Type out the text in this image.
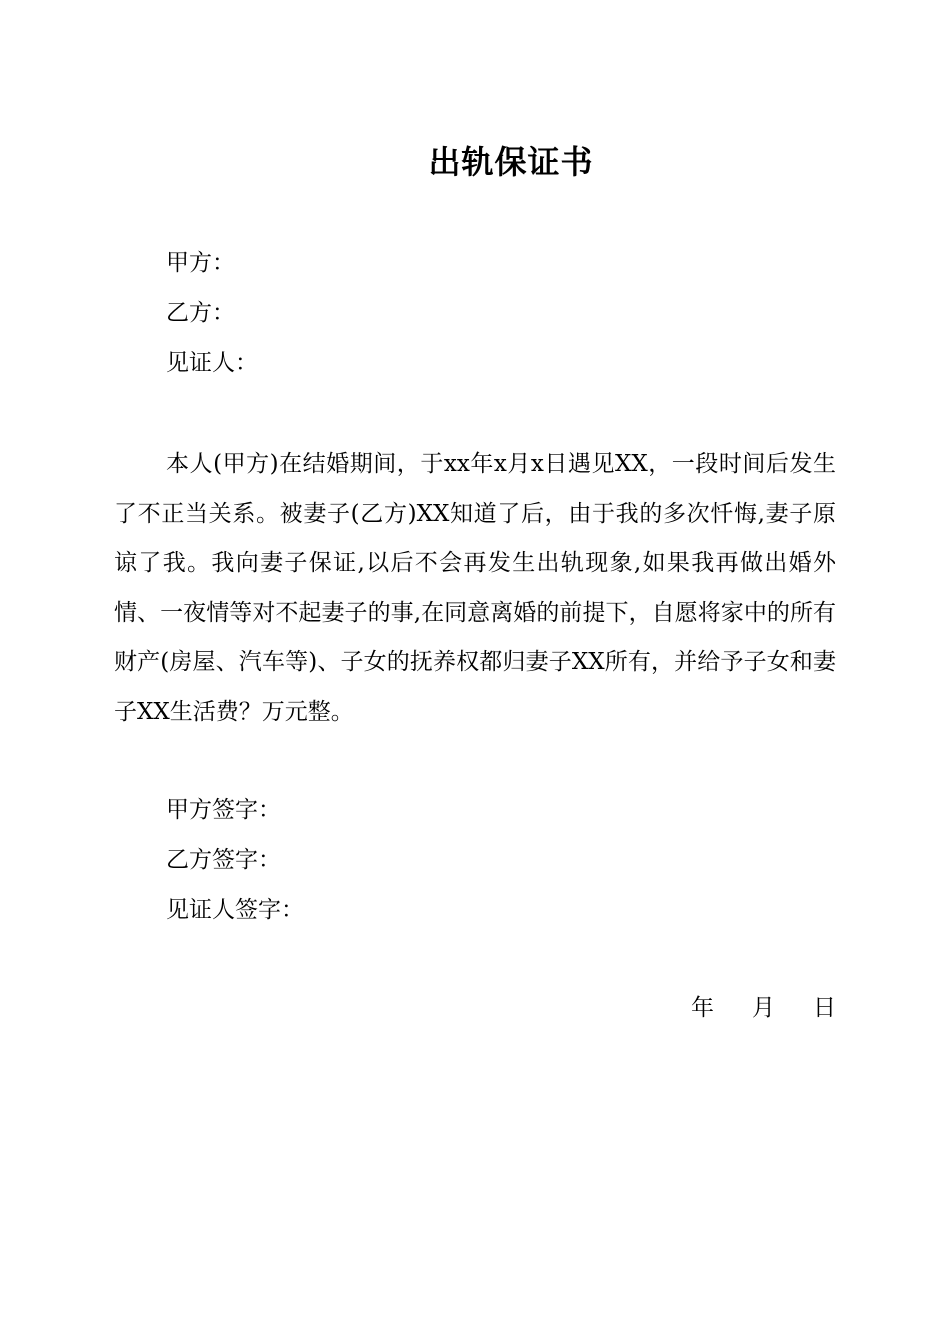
出轨保证书
甲方：
乙方：
见证人：
本人(甲方)在结婚期间，于xx年x月x日遇见XX，一段时间后发生了不正当关系。被妻子(乙方)XX知道了后，由于我的多次忏悔,妻子原谅了我。我向妻子保证,以后不会再发生出轨现象,如果我再做出婚外情、一夜情等对不起妻子的事,在同意离婚的前提下，自愿将家中的所有财产(房屋、汽车等)、子女的抚养权都归妻子XX所有，并给予子女和妻子XX生活费？万元整。
甲方签字：
乙方签字：
见证人签字：
年 月 日
